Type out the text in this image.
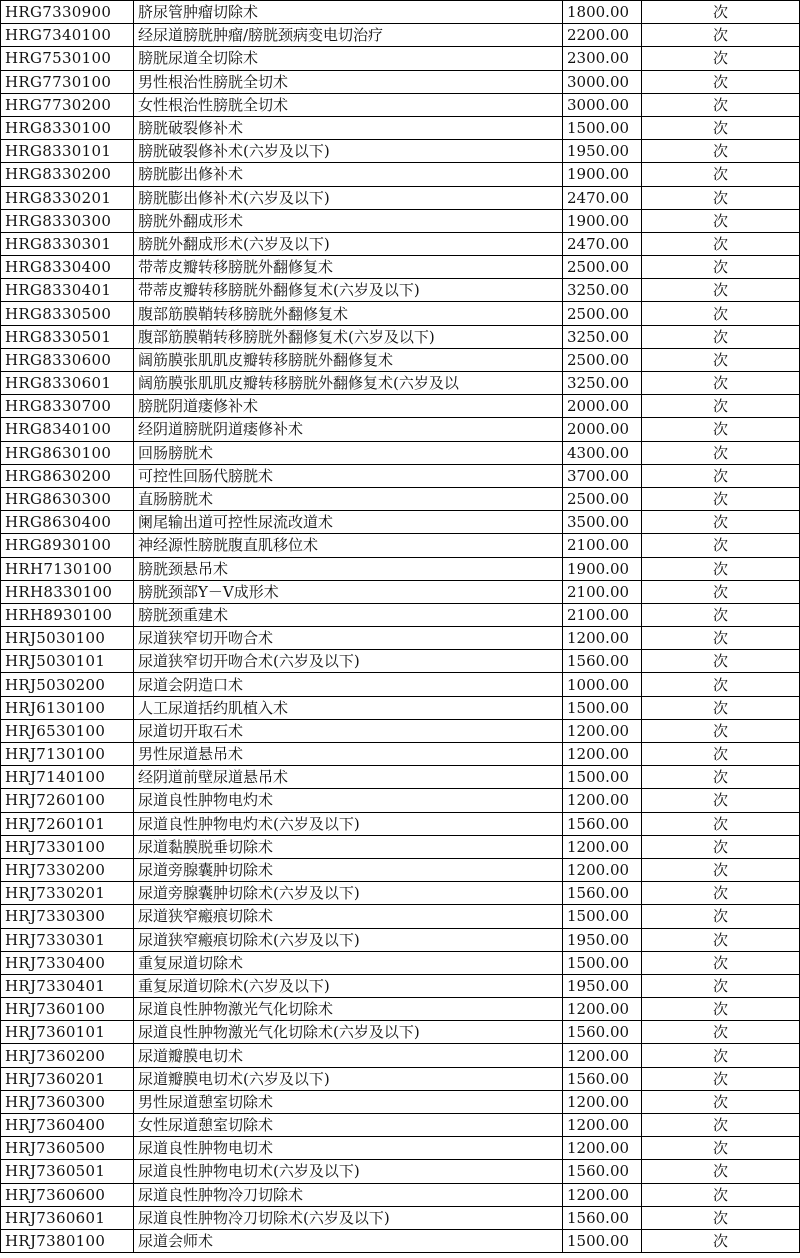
HRG7330900	脐尿管肿瘤切除术	1800.00	次
HRG7340100	经尿道膀胱肿瘤/膀胱颈病变电切治疗	2200.00	次
HRG7530100	膀胱尿道全切除术	2300.00	次
HRG7730100	男性根治性膀胱全切术	3000.00	次
HRG7730200	女性根治性膀胱全切术	3000.00	次
HRG8330100	膀胱破裂修补术	1500.00	次
HRG8330101	膀胱破裂修补术(六岁及以下)	1950.00	次
HRG8330200	膀胱膨出修补术	1900.00	次
HRG8330201	膀胱膨出修补术(六岁及以下)	2470.00	次
HRG8330300	膀胱外翻成形术	1900.00	次
HRG8330301	膀胱外翻成形术(六岁及以下)	2470.00	次
HRG8330400	带蒂皮瓣转移膀胱外翻修复术	2500.00	次
HRG8330401	带蒂皮瓣转移膀胱外翻修复术(六岁及以下)	3250.00	次
HRG8330500	腹部筋膜鞘转移膀胱外翻修复术	2500.00	次
HRG8330501	腹部筋膜鞘转移膀胱外翻修复术(六岁及以下)	3250.00	次
HRG8330600	阔筋膜张肌肌皮瓣转移膀胱外翻修复术	2500.00	次
HRG8330601	阔筋膜张肌肌皮瓣转移膀胱外翻修复术(六岁及以	3250.00	次
HRG8330700	膀胱阴道瘘修补术	2000.00	次
HRG8340100	经阴道膀胱阴道瘘修补术	2000.00	次
HRG8630100	回肠膀胱术	4300.00	次
HRG8630200	可控性回肠代膀胱术	3700.00	次
HRG8630300	直肠膀胱术	2500.00	次
HRG8630400	阑尾输出道可控性尿流改道术	3500.00	次
HRG8930100	神经源性膀胱腹直肌移位术	2100.00	次
HRH7130100	膀胱颈悬吊术	1900.00	次
HRH8330100	膀胱颈部Y－V成形术	2100.00	次
HRH8930100	膀胱颈重建术	2100.00	次
HRJ5030100	尿道狭窄切开吻合术	1200.00	次
HRJ5030101	尿道狭窄切开吻合术(六岁及以下)	1560.00	次
HRJ5030200	尿道会阴造口术	1000.00	次
HRJ6130100	人工尿道括约肌植入术	1500.00	次
HRJ6530100	尿道切开取石术	1200.00	次
HRJ7130100	男性尿道悬吊术	1200.00	次
HRJ7140100	经阴道前壁尿道悬吊术	1500.00	次
HRJ7260100	尿道良性肿物电灼术	1200.00	次
HRJ7260101	尿道良性肿物电灼术(六岁及以下)	1560.00	次
HRJ7330100	尿道黏膜脱垂切除术	1200.00	次
HRJ7330200	尿道旁腺囊肿切除术	1200.00	次
HRJ7330201	尿道旁腺囊肿切除术(六岁及以下)	1560.00	次
HRJ7330300	尿道狭窄瘢痕切除术	1500.00	次
HRJ7330301	尿道狭窄瘢痕切除术(六岁及以下)	1950.00	次
HRJ7330400	重复尿道切除术	1500.00	次
HRJ7330401	重复尿道切除术(六岁及以下)	1950.00	次
HRJ7360100	尿道良性肿物激光气化切除术	1200.00	次
HRJ7360101	尿道良性肿物激光气化切除术(六岁及以下)	1560.00	次
HRJ7360200	尿道瓣膜电切术	1200.00	次
HRJ7360201	尿道瓣膜电切术(六岁及以下)	1560.00	次
HRJ7360300	男性尿道憩室切除术	1200.00	次
HRJ7360400	女性尿道憩室切除术	1200.00	次
HRJ7360500	尿道良性肿物电切术	1200.00	次
HRJ7360501	尿道良性肿物电切术(六岁及以下)	1560.00	次
HRJ7360600	尿道良性肿物冷刀切除术	1200.00	次
HRJ7360601	尿道良性肿物冷刀切除术(六岁及以下)	1560.00	次
HRJ7380100	尿道会师术	1500.00	次
